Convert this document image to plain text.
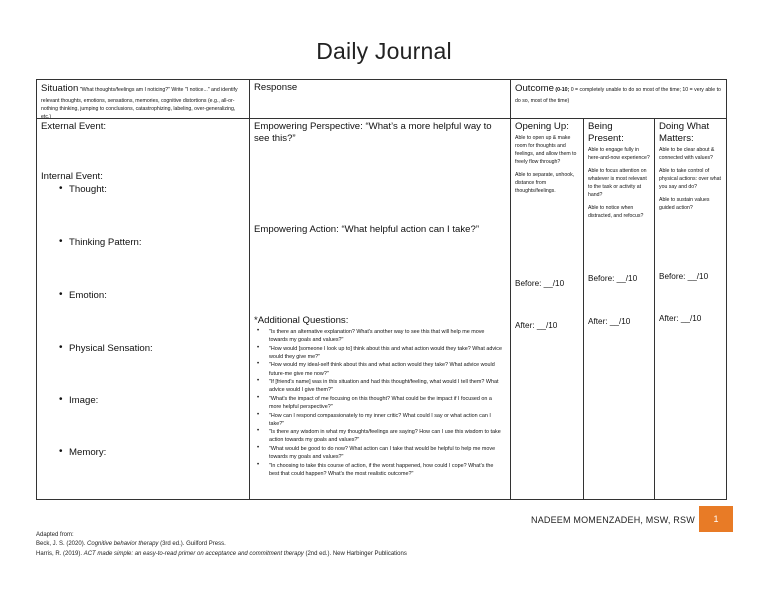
Daily Journal
Situation "What thoughts/feelings am I noticing?" Write "I notice..." and identify relevant thoughts, emotions, sensations, memories, cognitive distortions (e.g., all-or-nothing thinking, jumping to conclusions, catastrophizing, labeling, over-generalizing, etc.)
Response	Outcome (0-10; 0 = completely unable to do so most of the time; 10 = very able to do so, most of the time)
External Event:
Internal Event:
• Thought:
• Thinking Pattern:
• Emotion:
• Physical Sensation:
• Image:
• Memory:
Empowering Perspective: “What’s a more helpful way to see this?”
Empowering Action: “What helpful action can I take?”
*Additional Questions:
• "Is there an alternative explanation? What's another way to see this that will help me move towards my goals and values?"
• "How would [someone I look up to] think about this and what action would they take? What advice would they give me?"
• "How would my ideal-self think about this and what action would they take? What advice would future-me give me now?"
• "If [friend's name] was in this situation and had this thought/feeling, what would I tell them? What advice would I give them?"
• "What's the impact of me focusing on this thought? What could be the impact if I focused on a more helpful perspective?"
• "How can I respond compassionately to my inner critic? What could I say or what action can I take?"
• "Is there any wisdom in what my thoughts/feelings are saying? How can I use this wisdom to take action towards my goals and values?"
• "What would be good to do now? What action can I take that would be helpful to help me move towards my goals and values?"
• "In choosing to take this course of action, if the worst happened, how could I cope? What's the best that could happen? What's the most realistic outcome?"
Opening Up:
Able to open up & make room for thoughts and feelings, and allow them to freely flow through?
Able to separate, unhook, distance from thoughts/feelings.
Before: __/10
After: __/10
Being Present:
Able to engage fully in here-and-now experience?
Able to focus attention on whatever is most relevant to the task or activity at hand?
Able to notice when distracted, and refocus?
Before: __/10
After: __/10
Doing What Matters:
Able to be clear about & connected with values?
Able to take control of physical actions: over what you say and do?
Able to sustain values guided action?
Before: __/10
After: __/10
NADEEM MOMENZADEH, MSW, RSW	1
Adapted from:
Beck, J. S. (2020). Cognitive behavior therapy (3rd ed.). Guilford Press.
Harris, R. (2019). ACT made simple: an easy-to-read primer on acceptance and commitment therapy (2nd ed.). New Harbinger Publications
